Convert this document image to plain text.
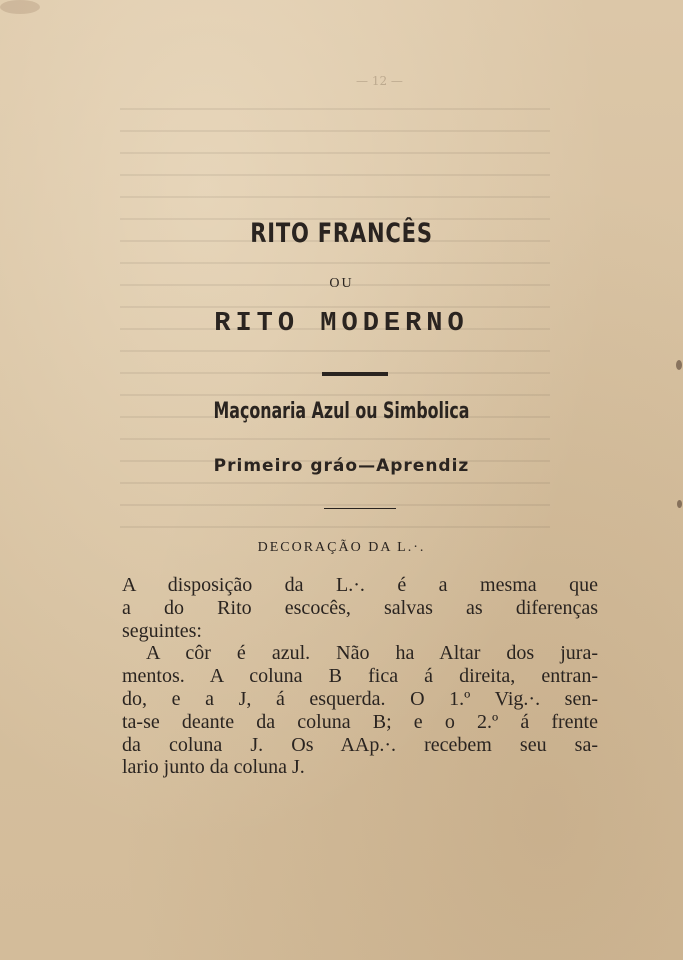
— 12 —
RITO FRANCÊS
OU
RITO MODERNO
Maçonaria Azul ou Simbolica
Primeiro gráo—Aprendiz
DECORAÇÃO DA L.·.
A disposição da L.·. é a mesma que
a do Rito escocês, salvas as diferenças
seguintes:
A côr é azul. Não ha Altar dos jura-
mentos. A coluna B fica á direita, entran-
do, e a J, á esquerda. O 1.º Vig.·. sen-
ta-se deante da coluna B; e o 2.º á frente
da coluna J. Os AAp.·. recebem seu sa-
lario junto da coluna J.
